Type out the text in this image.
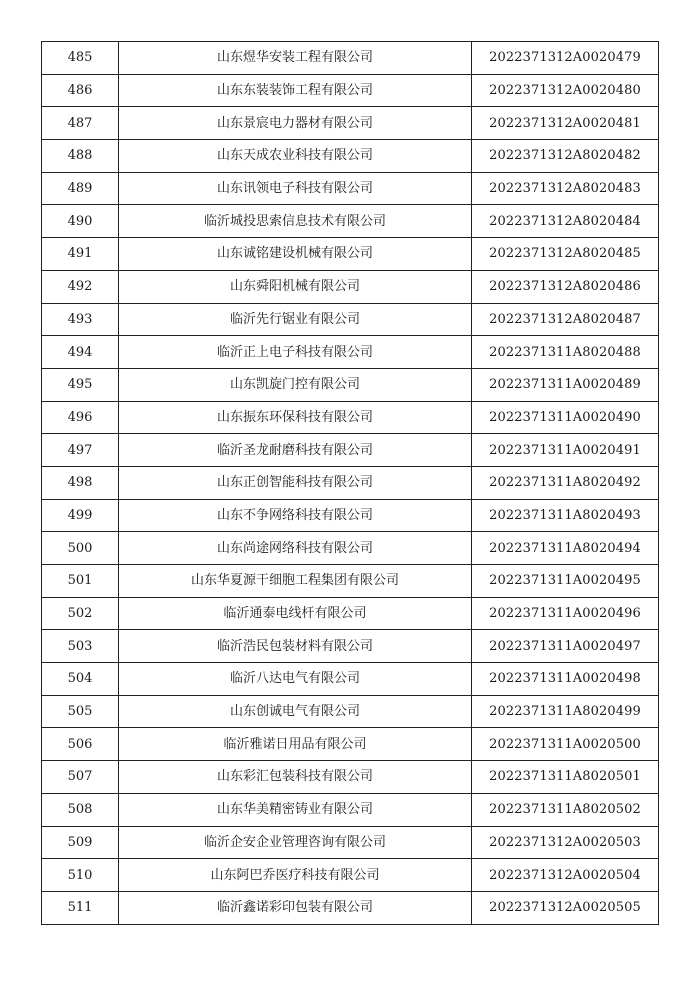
485	山东煜华安装工程有限公司	2022371312A0020479
486	山东东装装饰工程有限公司	2022371312A0020480
487	山东景宸电力器材有限公司	2022371312A0020481
488	山东天成农业科技有限公司	2022371312A8020482
489	山东讯领电子科技有限公司	2022371312A8020483
490	临沂城投思索信息技术有限公司	2022371312A8020484
491	山东诚铭建设机械有限公司	2022371312A8020485
492	山东舜阳机械有限公司	2022371312A8020486
493	临沂先行锯业有限公司	2022371312A8020487
494	临沂正上电子科技有限公司	2022371311A8020488
495	山东凯旋门控有限公司	2022371311A0020489
496	山东振东环保科技有限公司	2022371311A0020490
497	临沂圣龙耐磨科技有限公司	2022371311A0020491
498	山东正创智能科技有限公司	2022371311A8020492
499	山东不争网络科技有限公司	2022371311A8020493
500	山东尚途网络科技有限公司	2022371311A8020494
501	山东华夏源干细胞工程集团有限公司	2022371311A0020495
502	临沂通泰电线杆有限公司	2022371311A0020496
503	临沂浩民包装材料有限公司	2022371311A0020497
504	临沂八达电气有限公司	2022371311A0020498
505	山东创诚电气有限公司	2022371311A8020499
506	临沂雅诺日用品有限公司	2022371311A0020500
507	山东彩汇包装科技有限公司	2022371311A8020501
508	山东华美精密铸业有限公司	2022371311A8020502
509	临沂企安企业管理咨询有限公司	2022371312A0020503
510	山东阿巴乔医疗科技有限公司	2022371312A0020504
511	临沂鑫诺彩印包装有限公司	2022371312A0020505
